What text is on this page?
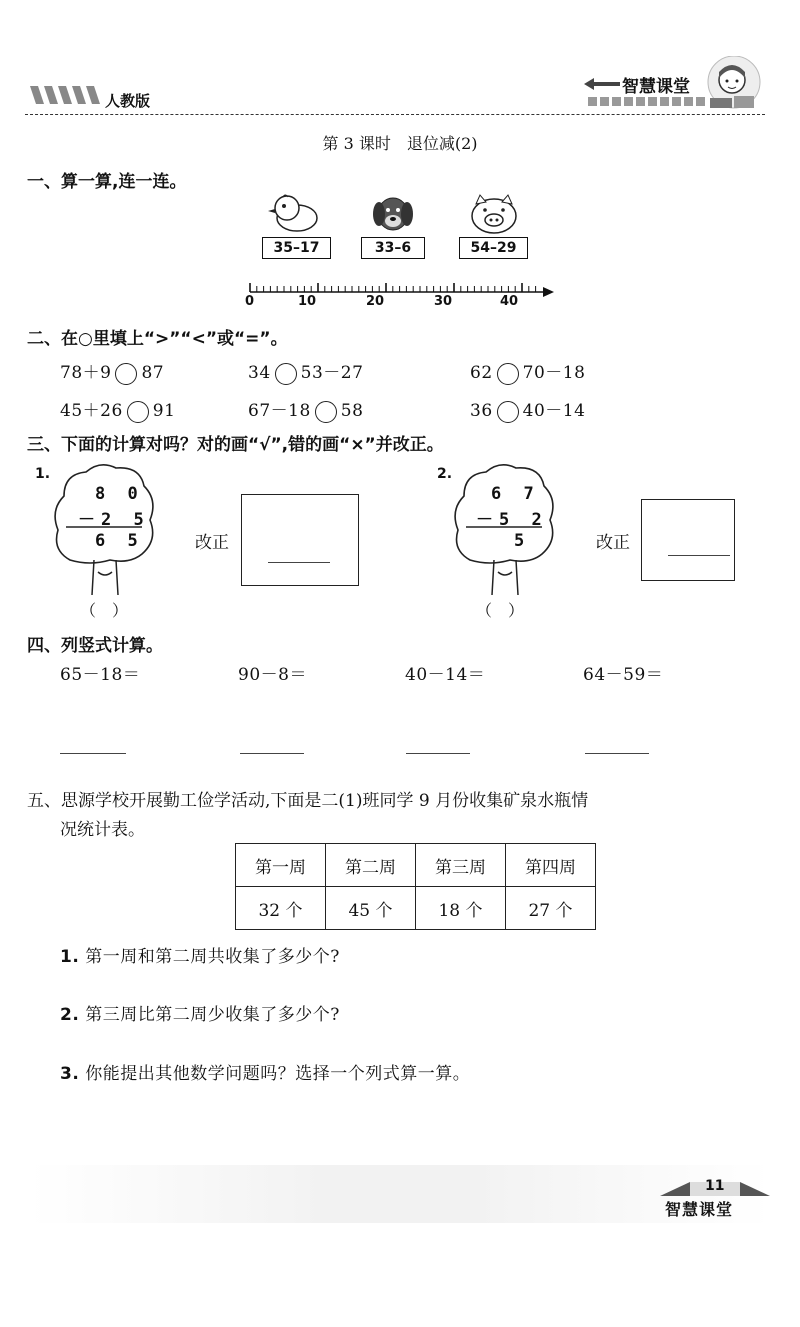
人教版
智慧课堂
第 3 课时　退位减(2)
一、算一算,连一连。
35–17	33–6	54–29
0	10	20	30	40
二、在○里填上“>”“<”或“=”。
78＋9 87	34 53－27	62 70－18
45＋26 91	67－18 58	36 40－14
三、下面的计算对吗？对的画“√”,错的画“×”并改正。
1.
8 0
－2 5
6 5
（　）
改正
2.
6 7
－5 2
5
（　）
改正
四、列竖式计算。
65－18＝	90－8＝	40－14＝	64－59＝
五、思源学校开展勤工俭学活动,下面是二(1)班同学 9 月份收集矿泉水瓶情
况统计表。
第一周	第二周	第三周	第四周
32 个	45 个	18 个	27 个
1. 第一周和第二周共收集了多少个?
2. 第三周比第二周少收集了多少个?
3. 你能提出其他数学问题吗？选择一个列式算一算。
11
智慧课堂
